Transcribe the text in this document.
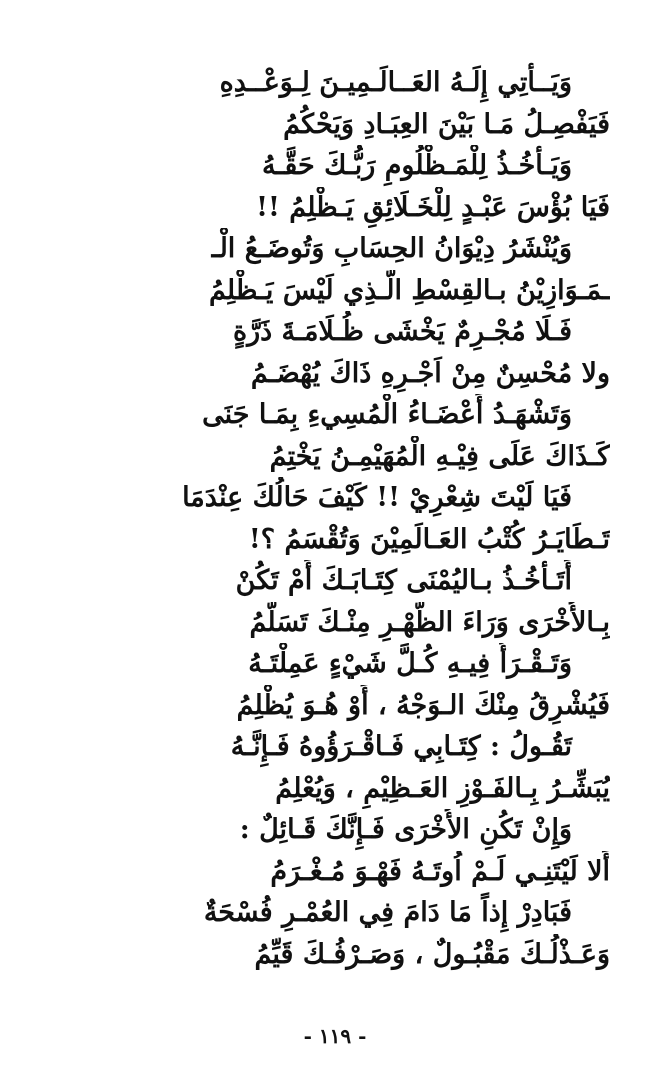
وَيَــأْتِي إِلَـهُ العَــالَـمِيـنَ لِـوَعْــدِهِ
فَيَفْصِـلُ مَـا بَيْنَ العِبَـادِ وَيَحْكُمُ
وَيَـأْخُـذُ لِلْمَـظْلُومِ رَبُّـكَ حَقَّـهُ
فَيَا بُؤْسَ عَبْـدٍ لِلْخَـلَائِقِ يَـظْلِمُ !!
وَيُنْشَرُ دِيْوَانُ الحِسَابِ وَتُوضَـعُ الْـ
ـمَـوَازِيْنُ بـالقِسْطِ الّـذِي لَيْسَ يَـظْلِمُ
فَـلَا مُجْـرِمٌ يَخْشَى ظُـلَامَـةَ ذَرَّةٍ
ولا مُحْسِنٌ مِنْ اَجْـرِهِ ذَاكَ يُهْضَـمُ
وَتَشْهَـدُ أَعْضَـاءُ الْمُسِيءِ بِمَـا جَنَى
كَـذَاكَ عَلَى فِيْـهِ الْمُهَيْمِـنُ يَخْتِمُ
فَيَا لَيْتَ شِعْرِيْ !! كَيْفَ حَالُكَ عِنْدَمَا
تَـطَايَـرُ كُتْبُ العَـالَمِيْنَ وَتُقْسَمُ ؟!
أَتَـأْخُـذُ بـاليُمْنَى كِتَـابَـكَ أَمْ تَكُنْ
بِـالأُخْرَى وَرَاءَ الظَّهْـرِ مِنْـكَ تَسَلَّمُ
وَتَـقْـرَأُ فِيـهِ كُـلَّ شَيْءٍ عَمِلْتَـهُ
فَيُشْرِقُ مِنْكَ الـوَجْهُ ، أَوْ هُـوَ يُظْلِمُ
تَقُـولُ : كِتَـابِي فَـاقْـرَؤُوهُ فَـإِنَّـهُ
يُبَشِّـرُ بِـالفَـوْزِ العَـظِيْمِ ، وَيُعْلِمُ
وَإِنْ تَكُنِ الأُخْرَى فَـإِنَّكَ قَـائِلٌ :
أَلا لَيْتَنِـي لَـمْ اُوتَـهُ فَهْـوَ مُـغْـرَمُ
فَبَادِرْ إِذاً مَا دَامَ فِي العُمْـرِ فُسْحَةٌ
وَعَـذْلُـكَ مَقْبُـولٌ ، وَصَـرْفُـكَ قَيِّمُ
- ١١٩ -
